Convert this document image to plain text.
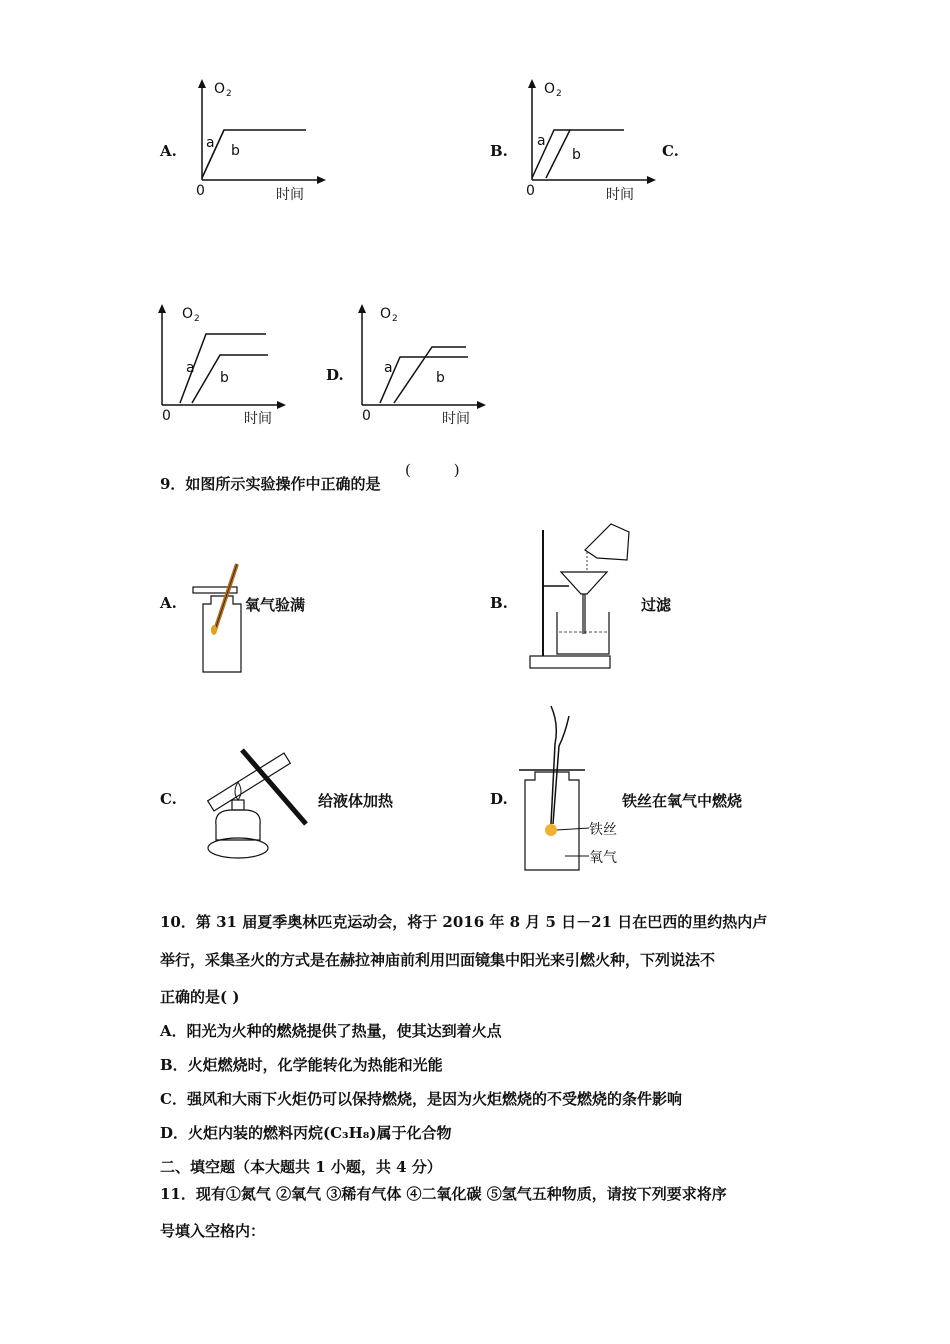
A.
O 2
a b
0	时间
B.
O 2
a
b
0	时间
C.
O 2
a
b
0	时间
D.
O 2
a
b
0	时间
9．如图所示实验操作中正确的是
(         )
A.	氧气验满	B.	过滤
C.	给液体加热	D.
铁丝
氧气
铁丝在氧气中燃烧
10．第 31 届夏季奥林匹克运动会，将于 2016 年 8 月 5 日－21 日在巴西的里约热内卢
举行，采集圣火的方式是在赫拉神庙前利用凹面镜集中阳光来引燃火种，下列说法不
正确的是( )
A．阳光为火种的燃烧提供了热量，使其达到着火点
B．火炬燃烧时，化学能转化为热能和光能
C．强风和大雨下火炬仍可以保持燃烧，是因为火炬燃烧的不受燃烧的条件影响
D．火炬内装的燃料丙烷(C₃H₈)属于化合物
二、填空题（本大题共 1 小题，共 4 分）
11．现有①氮气 ②氧气 ③稀有气体 ④二氧化碳 ⑤氢气五种物质，请按下列要求将序
号填入空格内：
